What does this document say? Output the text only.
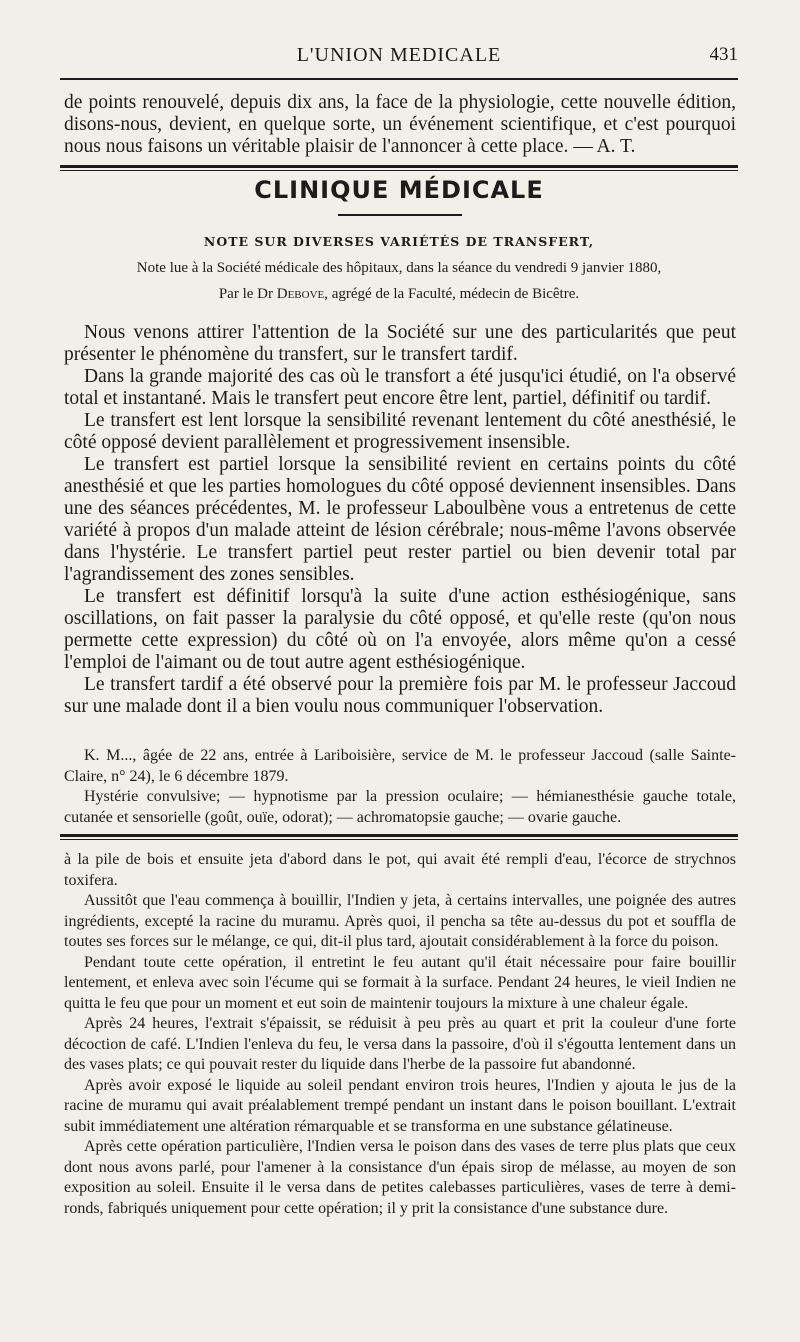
L'UNION MEDICALE	431

de points renouvelé, depuis dix ans, la face de la physiologie, cette nouvelle édition, disons-nous, devient, en quelque sorte, un événement scientifique, et c'est pourquoi nous nous faisons un véritable plaisir de l'annoncer à cette place. — A. T.

CLINIQUE MÉDICALE
NOTE SUR DIVERSES VARIÉTÉS DE TRANSFERT,
Note lue à la Société médicale des hôpitaux, dans la séance du vendredi 9 janvier 1880,
Par le Dr Debove, agrégé de la Faculté, médecin de Bicêtre.

Nous venons attirer l'attention de la Société sur une des particularités que peut présenter le phénomène du transfert, sur le transfert tardif.

Dans la grande majorité des cas où le transfort a été jusqu'ici étudié, on l'a observé total et instantané. Mais le transfert peut encore être lent, partiel, définitif ou tardif.

Le transfert est lent lorsque la sensibilité revenant lentement du côté anesthésié, le côté opposé devient parallèlement et progressivement insensible.

Le transfert est partiel lorsque la sensibilité revient en certains points du côté anesthésié et que les parties homologues du côté opposé deviennent insensibles. Dans une des séances précédentes, M. le professeur Laboulbène vous a entretenus de cette variété à propos d'un malade atteint de lésion cérébrale; nous-même l'avons observée dans l'hystérie. Le transfert partiel peut rester partiel ou bien devenir total par l'agrandissement des zones sensibles.

Le transfert est définitif lorsqu'à la suite d'une action esthésiogénique, sans oscillations, on fait passer la paralysie du côté opposé, et qu'elle reste (qu'on nous permette cette expression) du côté où on l'a envoyée, alors même qu'on a cessé l'emploi de l'aimant ou de tout autre agent esthésiogénique.

Le transfert tardif a été observé pour la première fois par M. le professeur Jaccoud sur une malade dont il a bien voulu nous communiquer l'observation.

K. M..., âgée de 22 ans, entrée à Lariboisière, service de M. le professeur Jaccoud (salle Sainte-Claire, n° 24), le 6 décembre 1879.

Hystérie convulsive; — hypnotisme par la pression oculaire; — hémianesthésie gauche totale, cutanée et sensorielle (goût, ouïe, odorat); — achromatopsie gauche; — ovarie gauche.

à la pile de bois et ensuite jeta d'abord dans le pot, qui avait été rempli d'eau, l'écorce de strychnos toxifera.

Aussitôt que l'eau commença à bouillir, l'Indien y jeta, à certains intervalles, une poignée des autres ingrédients, excepté la racine du muramu. Après quoi, il pencha sa tête au-dessus du pot et souffla de toutes ses forces sur le mélange, ce qui, dit-il plus tard, ajoutait considérablement à la force du poison.

Pendant toute cette opération, il entretint le feu autant qu'il était nécessaire pour faire bouillir lentement, et enleva avec soin l'écume qui se formait à la surface. Pendant 24 heures, le vieil Indien ne quitta le feu que pour un moment et eut soin de maintenir toujours la mixture à une chaleur égale.

Après 24 heures, l'extrait s'épaissit, se réduisit à peu près au quart et prit la couleur d'une forte décoction de café. L'Indien l'enleva du feu, le versa dans la passoire, d'où il s'égoutta lentement dans un des vases plats; ce qui pouvait rester du liquide dans l'herbe de la passoire fut abandonné.

Après avoir exposé le liquide au soleil pendant environ trois heures, l'Indien y ajouta le jus de la racine de muramu qui avait préalablement trempé pendant un instant dans le poison bouillant. L'extrait subit immédiatement une altération rémarquable et se transforma en une substance gélatineuse.

Après cette opération particulière, l'Indien versa le poison dans des vases de terre plus plats que ceux dont nous avons parlé, pour l'amener à la consistance d'un épais sirop de mélasse, au moyen de son exposition au soleil. Ensuite il le versa dans de petites calebasses particulières, vases de terre à demi-ronds, fabriqués uniquement pour cette opération; il y prit la consistance d'une substance dure.
